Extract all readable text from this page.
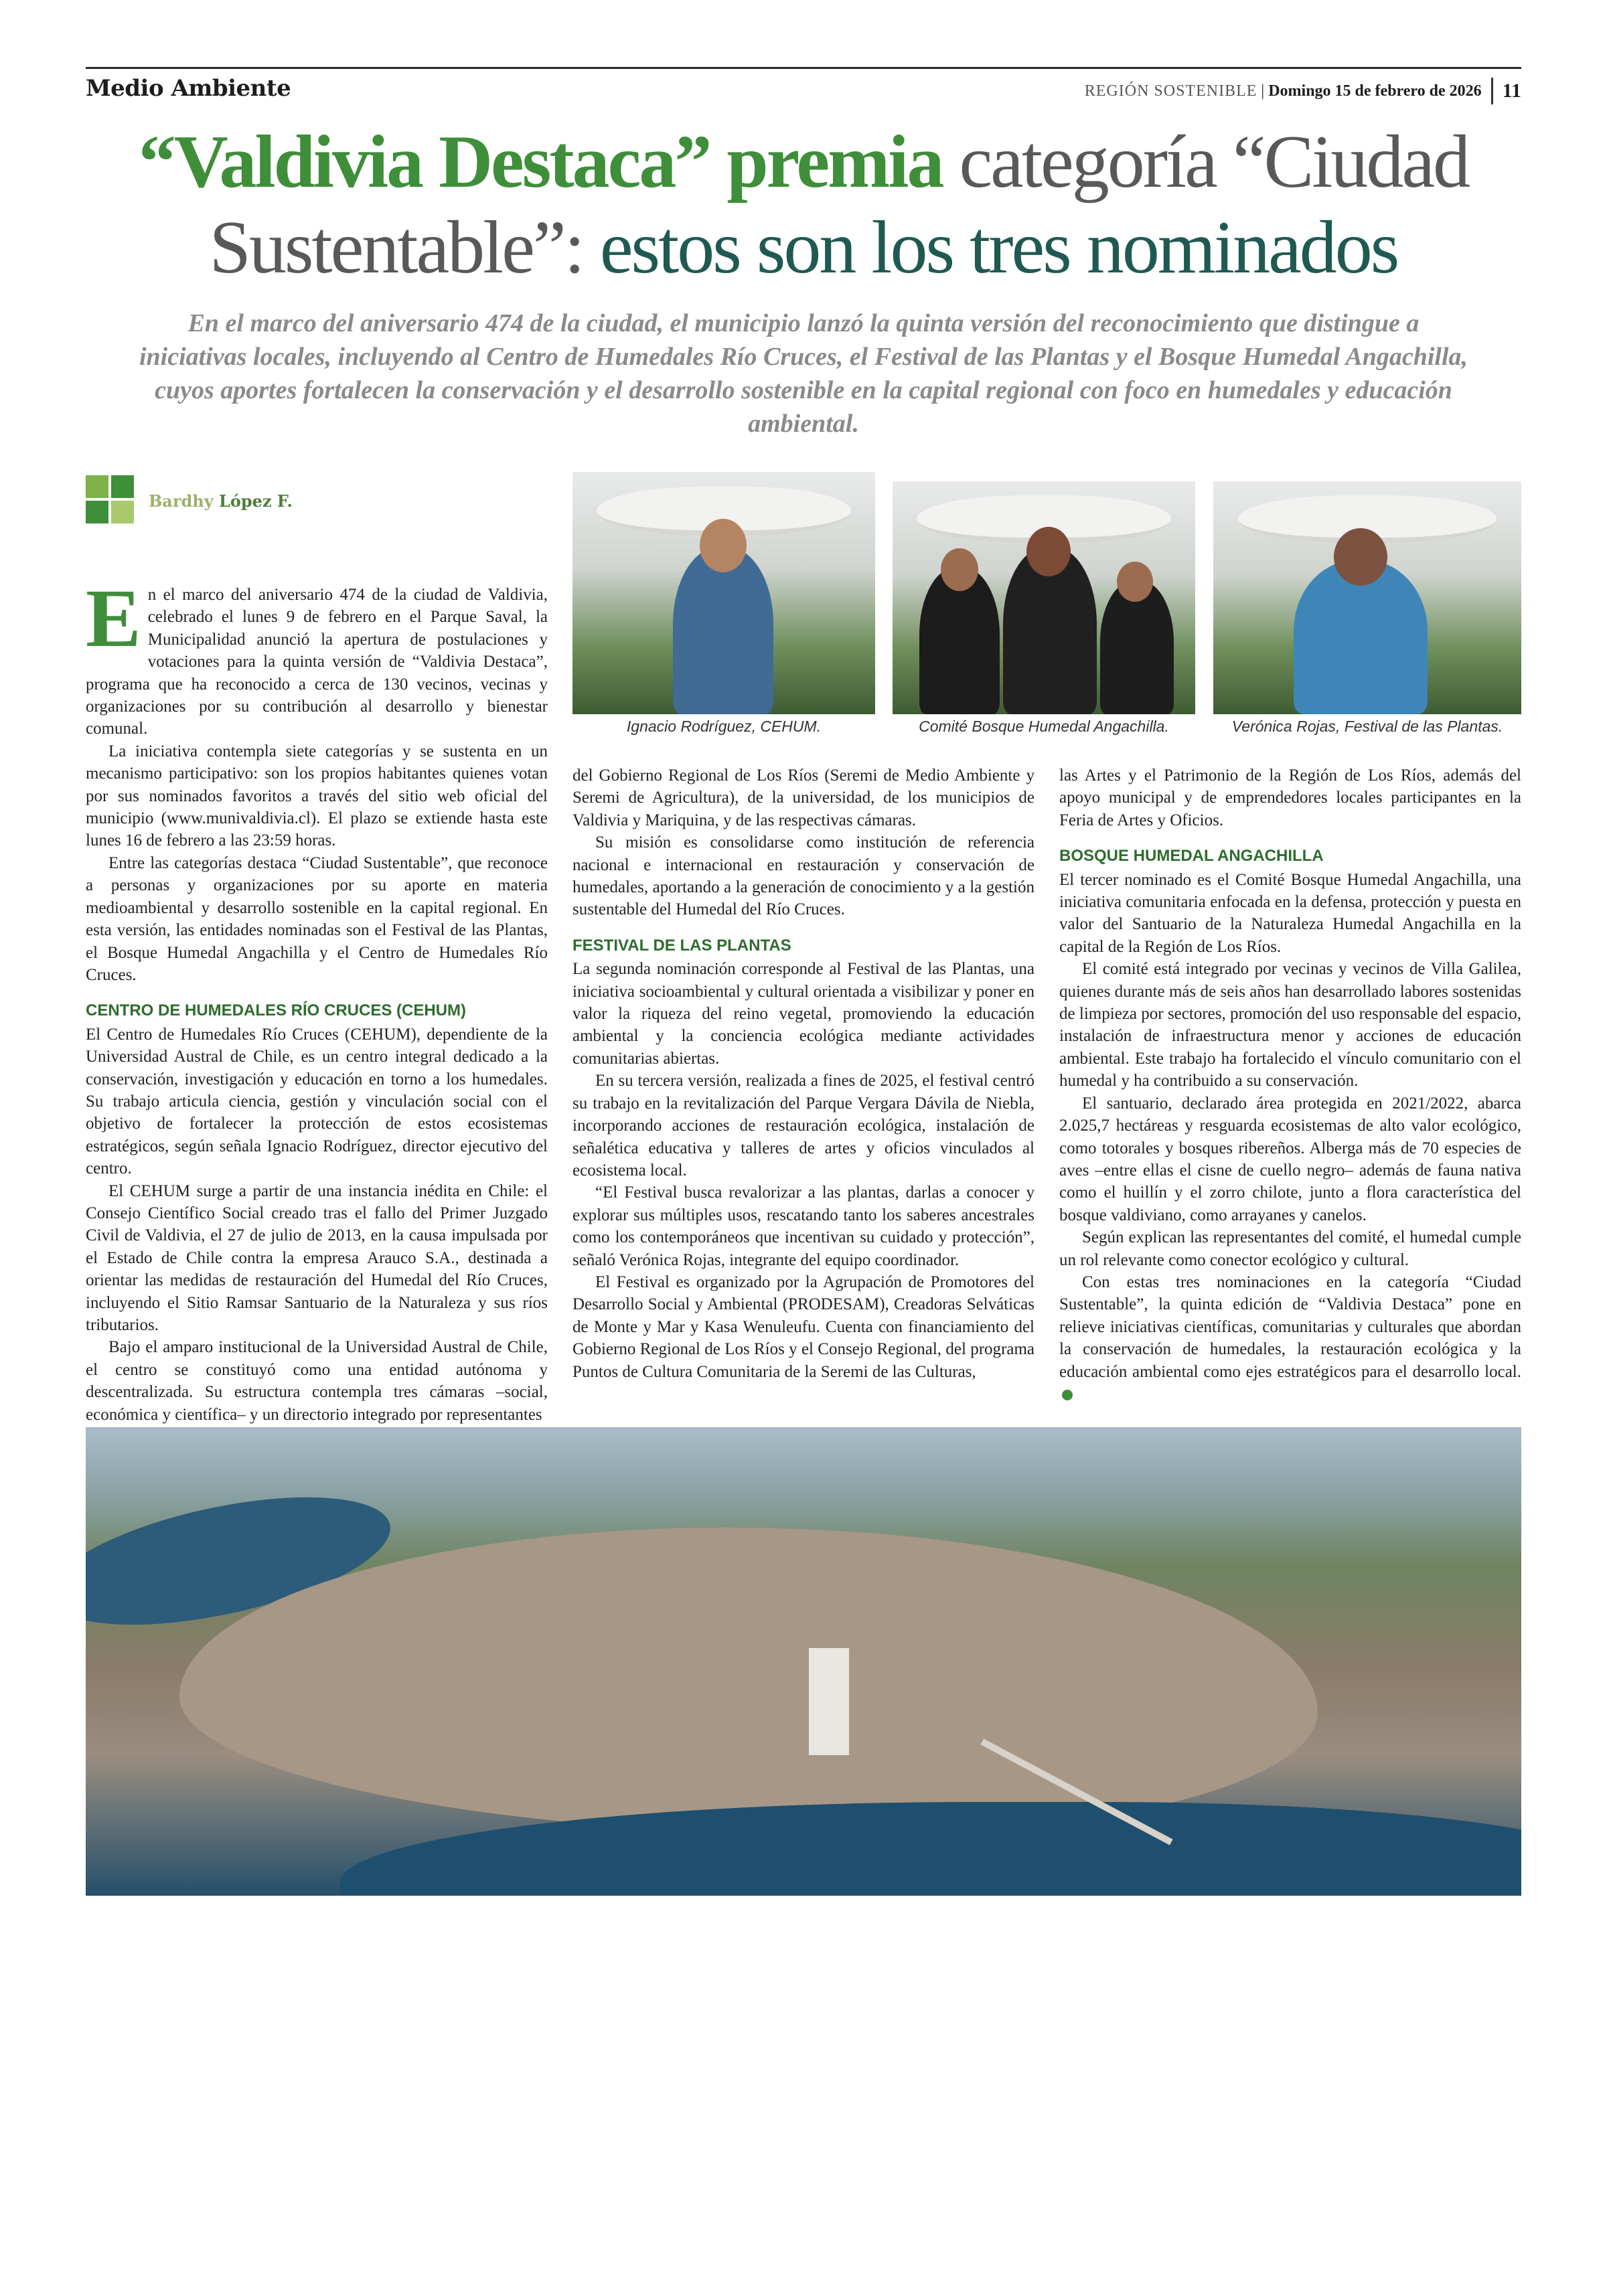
Medio Ambiente	REGIÓN SOSTENIBLE | Domingo 15 de febrero de 2026 11
“Valdivia Destaca” premia categoría “Ciudad Sustentable”: estos son los tres nominados
En el marco del aniversario 474 de la ciudad, el municipio lanzó la quinta versión del reconocimiento que distingue a iniciativas locales, incluyendo al Centro de Humedales Río Cruces, el Festival de las Plantas y el Bosque Humedal Angachilla, cuyos aportes fortalecen la conservación y el desarrollo sostenible en la capital regional con foco en humedales y educación ambiental.
Bardhy López F.
Ignacio Rodríguez, CEHUM.	Comité Bosque Humedal Angachilla.	Verónica Rojas, Festival de las Plantas.

En el marco del aniversario 474 de la ciudad de Valdivia, celebrado el lunes 9 de febrero en el Parque Saval, la Municipalidad anunció la apertura de postulaciones y votaciones para la quinta versión de “Valdivia Destaca”, programa que ha reconocido a cerca de 130 vecinos, vecinas y organizaciones por su contribución al desarrollo y bienestar comunal.

La iniciativa contempla siete categorías y se sustenta en un mecanismo participativo: son los propios habitantes quienes votan por sus nominados favoritos a través del sitio web oficial del municipio (www.munivaldivia.cl). El plazo se extiende hasta este lunes 16 de febrero a las 23:59 horas.

Entre las categorías destaca “Ciudad Sustentable”, que reconoce a personas y organizaciones por su aporte en materia medioambiental y desarrollo sostenible en la capital regional. En esta versión, las entidades nominadas son el Festival de las Plantas, el Bosque Humedal Angachilla y el Centro de Humedales Río Cruces.

CENTRO DE HUMEDALES RÍO CRUCES (CEHUM)

El Centro de Humedales Río Cruces (CEHUM), dependiente de la Universidad Austral de Chile, es un centro integral dedicado a la conservación, investigación y educación en torno a los humedales. Su trabajo articula ciencia, gestión y vinculación social con el objetivo de fortalecer la protección de estos ecosistemas estratégicos, según señala Ignacio Rodríguez, director ejecutivo del centro.

El CEHUM surge a partir de una instancia inédita en Chile: el Consejo Científico Social creado tras el fallo del Primer Juzgado Civil de Valdivia, el 27 de julio de 2013, en la causa impulsada por el Estado de Chile contra la empresa Arauco S.A., destinada a orientar las medidas de restauración del Humedal del Río Cruces, incluyendo el Sitio Ramsar Santuario de la Naturaleza y sus ríos tributarios.

Bajo el amparo institucional de la Universidad Austral de Chile, el centro se constituyó como una entidad autónoma y descentralizada. Su estructura contempla tres cámaras –social, económica y científica– y un directorio integrado por representantes

del Gobierno Regional de Los Ríos (Seremi de Medio Ambiente y Seremi de Agricultura), de la universidad, de los municipios de Valdivia y Mariquina, y de las respectivas cámaras.

Su misión es consolidarse como institución de referencia nacional e internacional en restauración y conservación de humedales, aportando a la generación de conocimiento y a la gestión sustentable del Humedal del Río Cruces.

FESTIVAL DE LAS PLANTAS

La segunda nominación corresponde al Festival de las Plantas, una iniciativa socioambiental y cultural orientada a visibilizar y poner en valor la riqueza del reino vegetal, promoviendo la educación ambiental y la conciencia ecológica mediante actividades comunitarias abiertas.

En su tercera versión, realizada a fines de 2025, el festival centró su trabajo en la revitalización del Parque Vergara Dávila de Niebla, incorporando acciones de restauración ecológica, instalación de señalética educativa y talleres de artes y oficios vinculados al ecosistema local.

“El Festival busca revalorizar a las plantas, darlas a conocer y explorar sus múltiples usos, rescatando tanto los saberes ancestrales como los contemporáneos que incentivan su cuidado y protección”, señaló Verónica Rojas, integrante del equipo coordinador.

El Festival es organizado por la Agrupación de Promotores del Desarrollo Social y Ambiental (PRODESAM), Creadoras Selváticas de Monte y Mar y Kasa Wenuleufu. Cuenta con financiamiento del Gobierno Regional de Los Ríos y el Consejo Regional, del programa Puntos de Cultura Comunitaria de la Seremi de las Culturas,

las Artes y el Patrimonio de la Región de Los Ríos, además del apoyo municipal y de emprendedores locales participantes en la Feria de Artes y Oficios.

BOSQUE HUMEDAL ANGACHILLA

El tercer nominado es el Comité Bosque Humedal Angachilla, una iniciativa comunitaria enfocada en la defensa, protección y puesta en valor del Santuario de la Naturaleza Humedal Angachilla en la capital de la Región de Los Ríos.

El comité está integrado por vecinas y vecinos de Villa Galilea, quienes durante más de seis años han desarrollado labores sostenidas de limpieza por sectores, promoción del uso responsable del espacio, instalación de infraestructura menor y acciones de educación ambiental. Este trabajo ha fortalecido el vínculo comunitario con el humedal y ha contribuido a su conservación.

El santuario, declarado área protegida en 2021/2022, abarca 2.025,7 hectáreas y resguarda ecosistemas de alto valor ecológico, como totorales y bosques ribereños. Alberga más de 70 especies de aves –entre ellas el cisne de cuello negro– además de fauna nativa como el huillín y el zorro chilote, junto a flora característica del bosque valdiviano, como arrayanes y canelos.

Según explican las representantes del comité, el humedal cumple un rol relevante como conector ecológico y cultural.

Con estas tres nominaciones en la categoría “Ciudad Sustentable”, la quinta edición de “Valdivia Destaca” pone en relieve iniciativas científicas, comunitarias y culturales que abordan la conservación de humedales, la restauración ecológica y la educación ambiental como ejes estratégicos para el desarrollo local.
